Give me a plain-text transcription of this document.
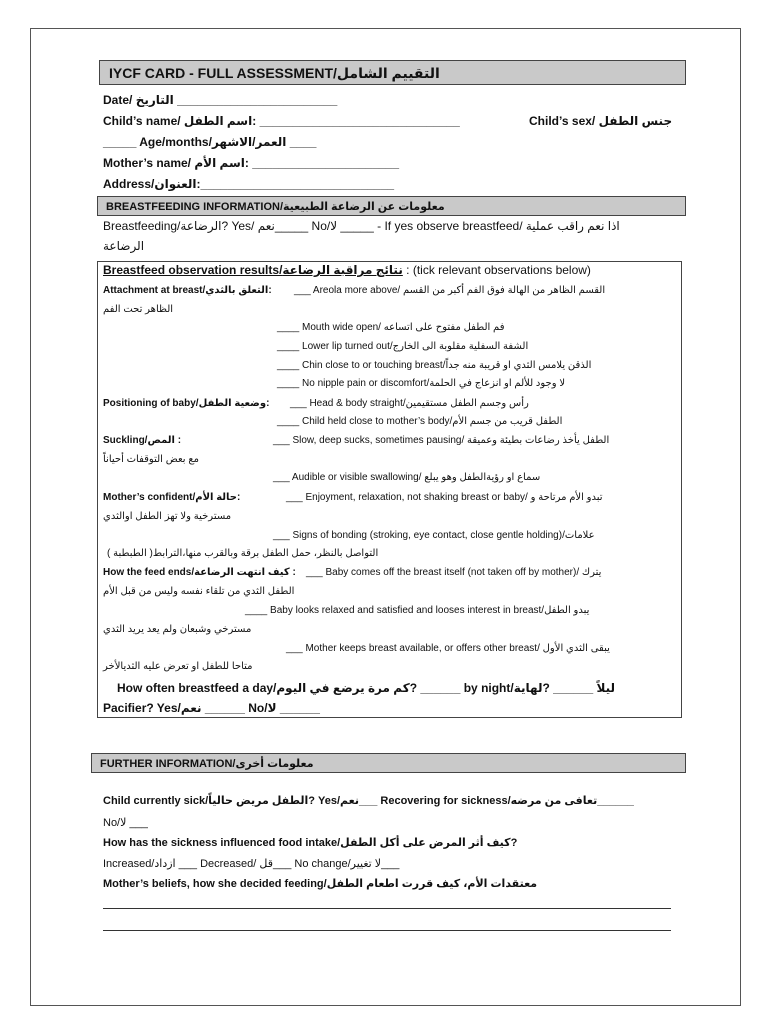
IYCF CARD - FULL ASSESSMENT/التقييم الشامل
Date/ التاريخ ________________________
Child’s name/ اسم الطفل: ______________________________	Child’s sex/ جنس الطفل
_____ Age/months/العمر/الاشهر ____
Mother’s name/ اسم الأم: ______________________
Address/العنوان:_____________________________
BREASTFEEDING INFORMATION/معلومات عن الرضاعة الطبيعية
Breastfeeding/الرضاعة? Yes/ نعم_____ No/لا _____ - If yes observe breastfeed/ اذا نعم راقب عملية
الرضاعة
Breastfeed observation results/نتائج مراقبة الرضاعة : (tick relevant observations below)
Attachment at breast/التعلق بالثدي: ___ Areola more above/ القسم الظاهر من الهالة فوق الفم أكبر من القسم
الظاهر تحت الفم
____ Mouth wide open/ فم الطفل مفتوح على اتساعه
____ Lower lip turned out/الشفة السفلية مقلوبة الى الخارج
____ Chin close to or touching breast/الذقن يلامس الثدي او قريبة منه جداً
____ No nipple pain or discomfort/لا وجود للألم او انزعاج في الحلمة
Positioning of baby/وضعية الطفل: ___ Head & body straight/رأس وجسم الطفل مستقيمين
____ Child held close to mother’s body/الطفل قريب من جسم الأم
Suckling/المص :	___ Slow, deep sucks, sometimes pausing/ الطفل يأخذ رضاعات بطيئة وعميقة
مع بعض التوقفات أحياناً
___ Audible or visible swallowing/ سماع او رؤيةالطفل وهو يبلع
Mother’s confident/حالة الأم:	___ Enjoyment, relaxation, not shaking breast or baby/ تبدو الأم مرتاحة و
مسترخية ولا تهز الطفل اوالثدي
___ Signs of bonding (stroking, eye contact, close gentle holding)/علامات
( التواصل بالنظر، حمل الطفل برقة وبالقرب منها،الترابط( الطبطبة
How the feed ends/كيف انتهت الرضاعة : ___ Baby comes off the breast itself (not taken off by mother)/ يترك
الطفل الثدي من تلقاء نفسه وليس من قبل الأم
____ Baby looks relaxed and satisfied and looses interest in breast/يبدو الطفل
مسترخي وشبعان ولم يعد يريد الثدي
___ Mother keeps breast available, or offers other breast/ يبقى الثدي الأول
متاحا للطفل او تعرض عليه الثديالأخر
How often breastfeed a day/كم مرة يرضع في اليوم? ______ by night/ليلاً ______ ?لهاية
Pacifier? Yes/نعم ______ No/لا ______
FURTHER INFORMATION/معلومات أخرى
Child currently sick/الطفل مريض حالياً? Yes/نعم___ Recovering for sickness/تعافى من مرضه______
No/لا ___
How has the sickness influenced food intake/كيف أثر المرض على أكل الطفل?
Increased/ازداد ___ Decreased/ قل___ No change/لا تغيير___
Mother’s beliefs, how she decided feeding/معتقدات الأم، كيف قررت اطعام الطفل
